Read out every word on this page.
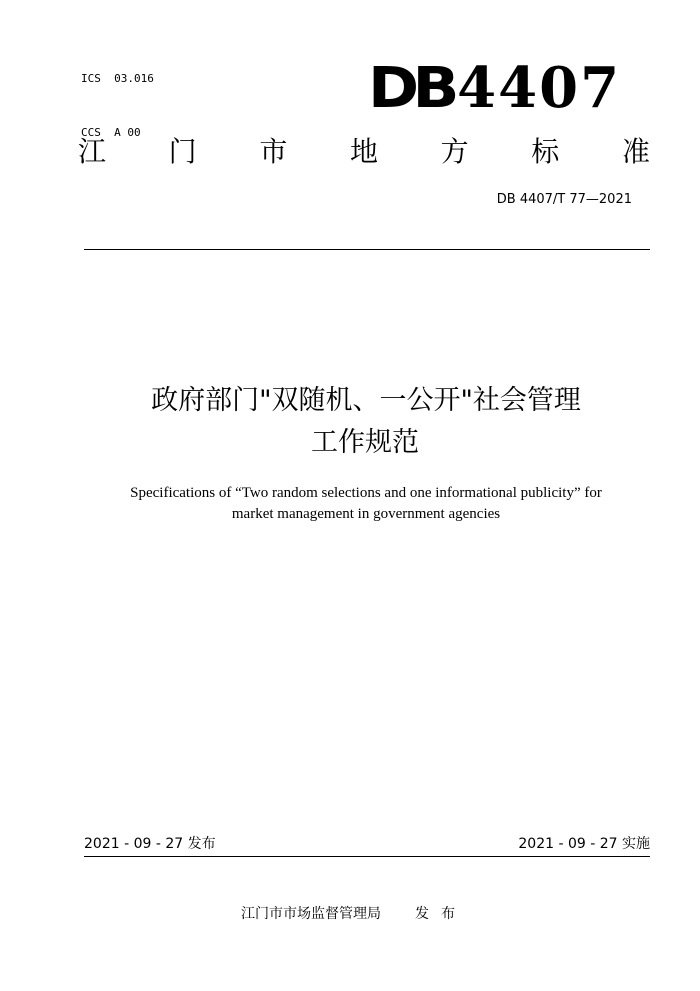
ICS  03.016

CCS  A 00

DB4407
江 门 市 地 方 标 准
DB 4407/T 77—2021
政府部门"双随机、一公开"社会管理
工作规范
Specifications of “Two random selections and one informational publicity” for
market management in government agencies
2021 - 09 - 27 发布	2021 - 09 - 27 实施
江门市市场监督管理局 发布
